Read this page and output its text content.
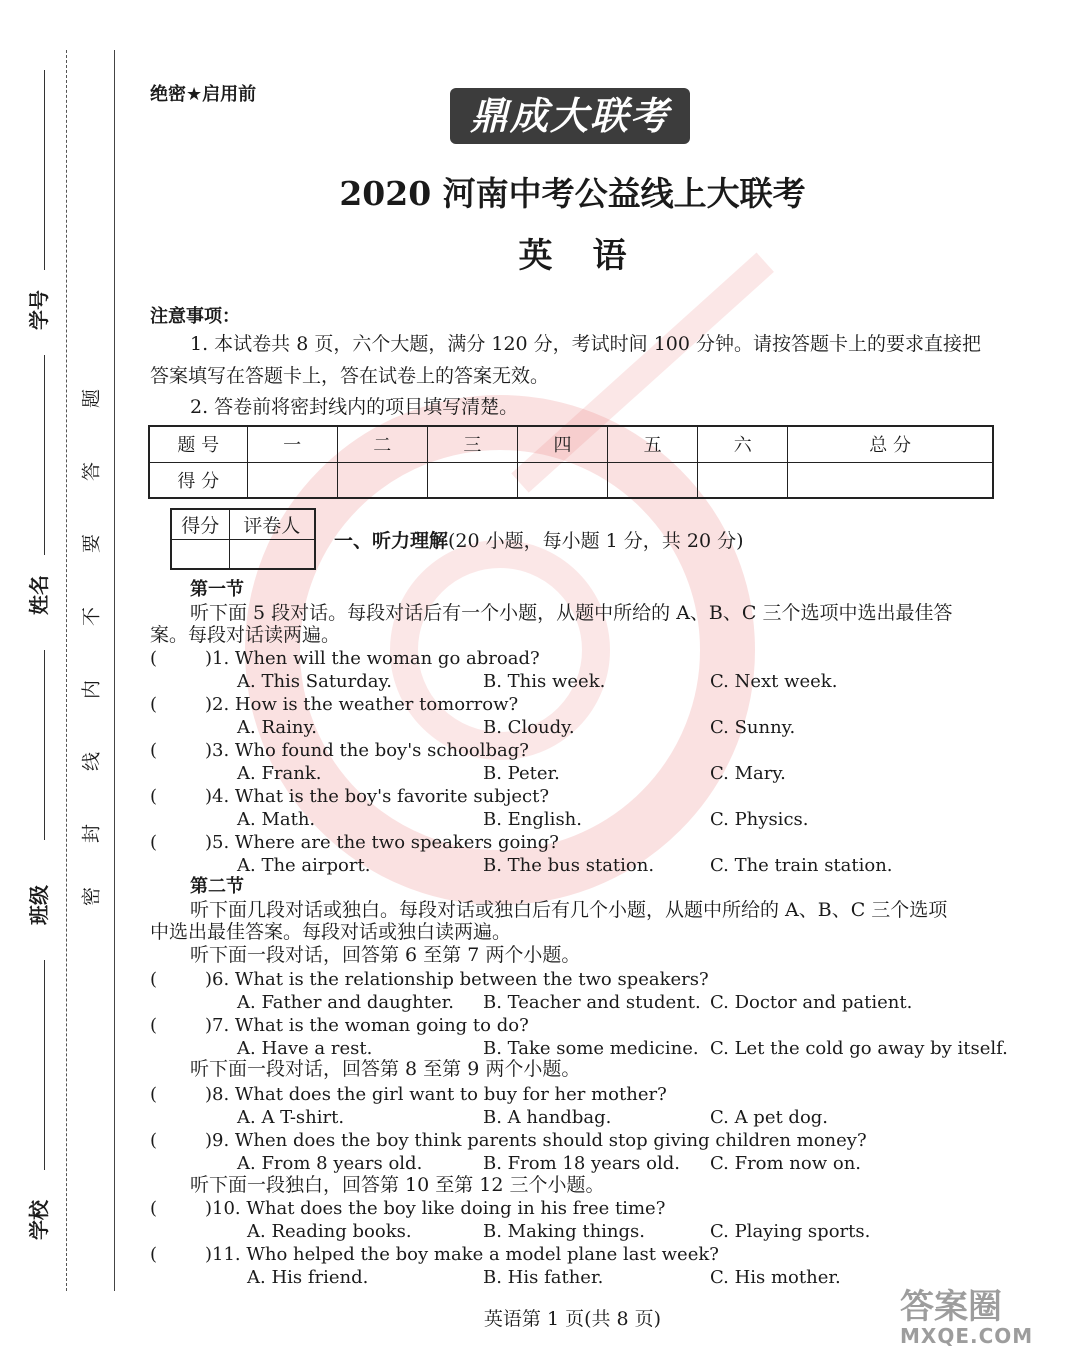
学号
姓名
班级
学校
题
答
要
不
内
线
封
密
绝密★启用前	鼎成大联考
2020 河南中考公益线上大联考
英语
注意事项：
1. 本试卷共 8 页，六个大题，满分 120 分，考试时间 100 分钟。请按答题卡上的要求直接把
答案填写在答题卡上，答在试卷上的答案无效。
2. 答卷前将密封线内的项目填写清楚。
题 号	一	二	三	四	五	六	总 分
得 分							
得分	评卷人

一、听力理解(20 小题，每小题 1 分，共 20 分)
第一节
听下面 5 段对话。每段对话后有一个小题，从题中所给的 A、B、C 三个选项中选出最佳答
案。每段对话读两遍。
(	)1. When will the woman go abroad?
A. This Saturday.	B. This week.	C. Next week.
(	)2. How is the weather tomorrow?
A. Rainy.	B. Cloudy.	C. Sunny.
(	)3. Who found the boy's schoolbag?
A. Frank.	B. Peter.	C. Mary.
(	)4. What is the boy's favorite subject?
A. Math.	B. English.	C. Physics.
(	)5. Where are the two speakers going?
A. The airport.	B. The bus station.	C. The train station.
第二节
听下面几段对话或独白。每段对话或独白后有几个小题，从题中所给的 A、B、C 三个选项
中选出最佳答案。每段对话或独白读两遍。
听下面一段对话，回答第 6 至第 7 两个小题。
(	)6. What is the relationship between the two speakers?
A. Father and daughter. B. Teacher and student. C. Doctor and patient.
(	)7. What is the woman going to do?
A. Have a rest.	B. Take some medicine. C. Let the cold go away by itself.
听下面一段对话，回答第 8 至第 9 两个小题。
(	)8. What does the girl want to buy for her mother?
A. A T-shirt.	B. A handbag.	C. A pet dog.
(	)9. When does the boy think parents should stop giving children money?
A. From 8 years old.	B. From 18 years old. C. From now on.
听下面一段独白，回答第 10 至第 12 三个小题。
(	)10. What does the boy like doing in his free time?
A. Reading books.	B. Making things.	C. Playing sports.
(	)11. Who helped the boy make a model plane last week?
A. His friend.	B. His father.	C. His mother.
英语第 1 页(共 8 页)	答案圈
MXQE.COM
